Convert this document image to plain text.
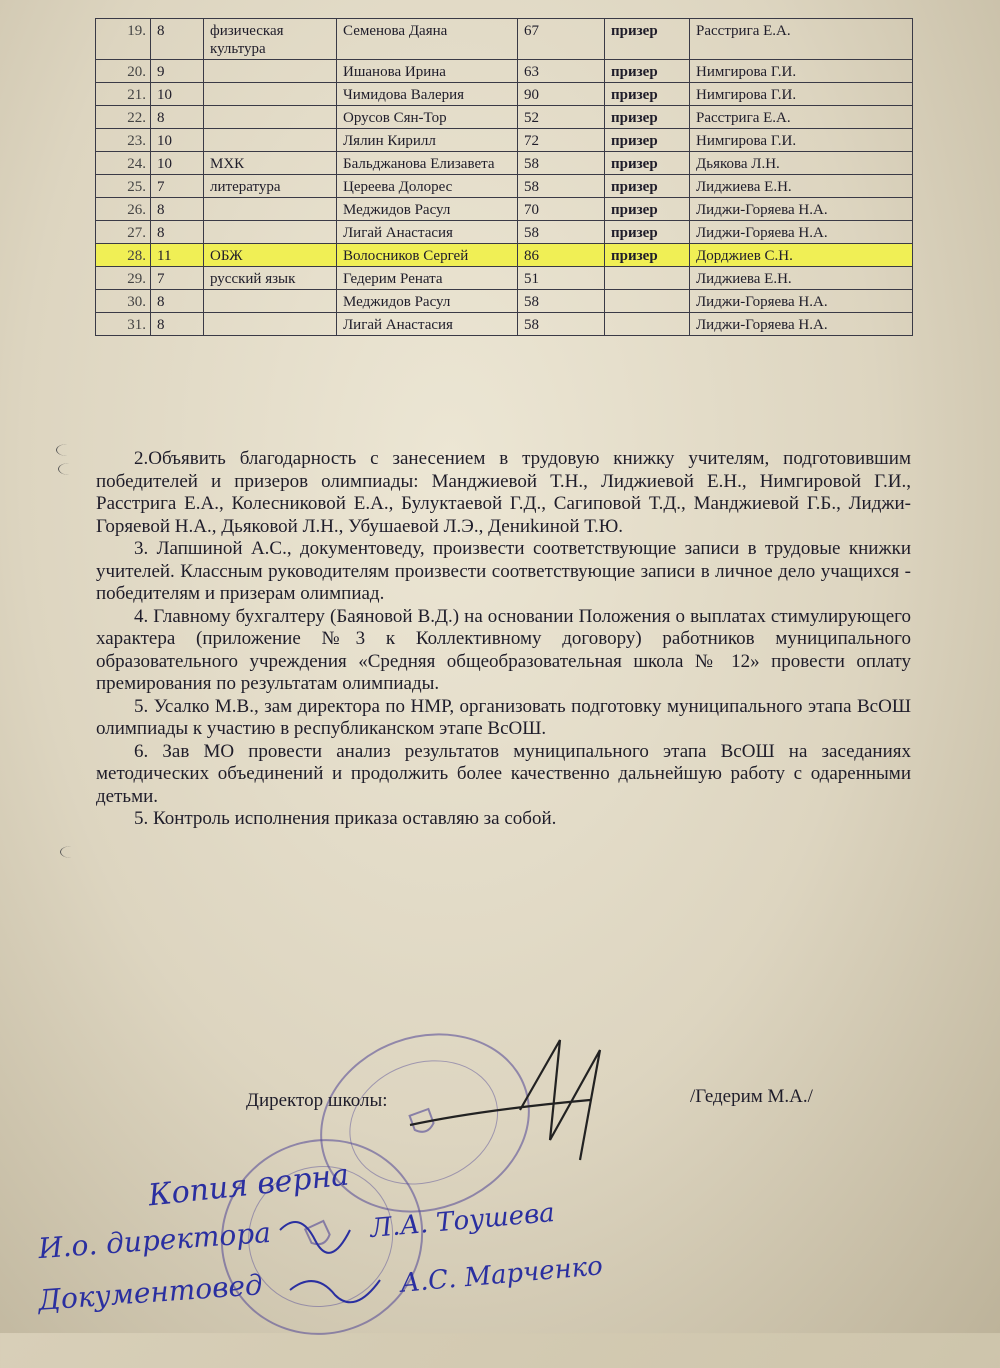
19.	8	физическая культура	Семенова Даяна	67	призер	Расстрига Е.А.
20.	9		Ишанова Ирина	63	призер	Нимгирова Г.И.
21.	10		Чимидова Валерия	90	призер	Нимгирова Г.И.
22.	8		Орусов Сян-Тор	52	призер	Расстрига Е.А.
23.	10		Лялин Кирилл	72	призер	Нимгирова Г.И.
24.	10	МХК	Бальджанова Елизавета	58	призер	Дьякова Л.Н.
25.	7	литература	Цереева Долорес	58	призер	Лиджиева Е.Н.
26.	8		Меджидов Расул	70	призер	Лиджи-Горяева Н.А.
27.	8		Лигай Анастасия	58	призер	Лиджи-Горяева Н.А.
28.	11	ОБЖ	Волосников Сергей	86	призер	Дорджиев С.Н.
29.	7	русский язык	Гедерим Рената	51		Лиджиева Е.Н.
30.	8		Меджидов Расул	58		Лиджи-Горяева Н.А.
31.	8		Лигай Анастасия	58		Лиджи-Горяева Н.А.

2.Объявить благодарность с занесением в трудовую книжку учителям, подготовившим победителей и призеров олимпиады: Манджиевой Т.Н., Лиджиевой Е.Н., Нимгировой Г.И., Расстрига Е.А., Колесниковой Е.А., Булуктаевой Г.Д., Сагиповой Т.Д., Манджиевой Г.Б., Лиджи-Горяевой Н.А., Дьяковой Л.Н., Убушаевой Л.Э., Дениkиной Т.Ю.

3. Лапшиной А.С., документоведу, произвести соответствующие записи в трудовые книжки учителей. Классным руководителям произвести соответствующие записи в личное дело учащихся - победителям и призерам олимпиад.

4. Главному бухгалтеру (Баяновой В.Д.) на основании Положения о выплатах стимулирующего характера (приложение №3 к Коллективному договору) работников муниципального образовательного учреждения «Средняя общеобразовательная школа № 12» провести оплату премирования по результатам олимпиады.

5. Усалко М.В., зам директора по НМР, организовать подготовку муниципального этапа ВсОШ олимпиады к участию в республиканском этапе ВсОШ.

6. Зав МО провести анализ результатов муниципального этапа ВсОШ на заседаниях методических объединений и продолжить более качественно дальнейшую работу с одаренными детьми.

5. Контроль исполнения приказа оставляю за собой.

Директор школы:	/Гедерим М.А./
Копия верна
И.о. директора	Л.А. Тоушева
Документовед	А.С. Марченко
